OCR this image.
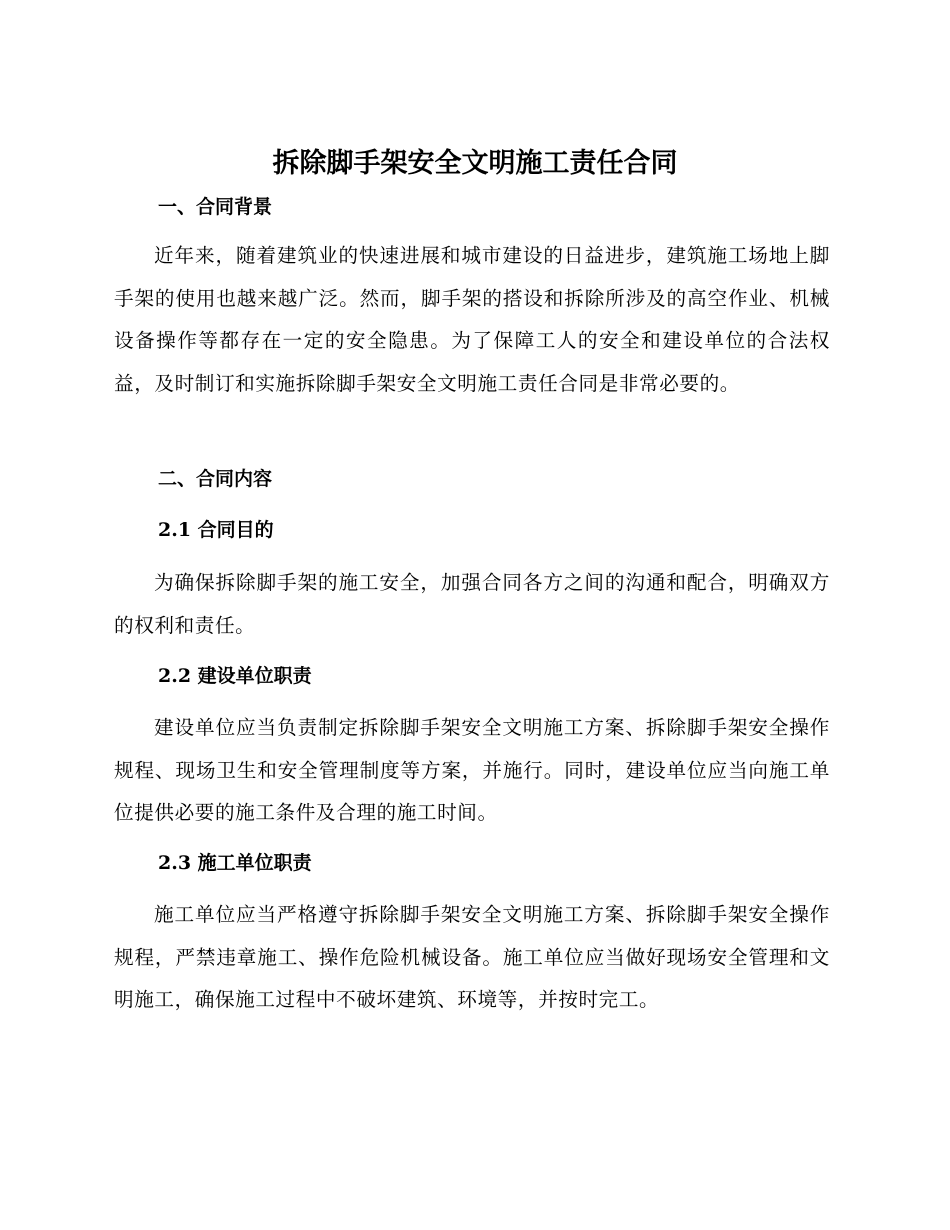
拆除脚手架安全文明施工责任合同
一、合同背景

近年来，随着建筑业的快速进展和城市建设的日益进步，建筑施工场地上脚手架的使用也越来越广泛。然而，脚手架的搭设和拆除所涉及的高空作业、机械设备操作等都存在一定的安全隐患。为了保障工人的安全和建设单位的合法权益，及时制订和实施拆除脚手架安全文明施工责任合同是非常必要的。

二、合同内容
2.1 合同目的

为确保拆除脚手架的施工安全，加强合同各方之间的沟通和配合，明确双方的权利和责任。

2.2 建设单位职责

建设单位应当负责制定拆除脚手架安全文明施工方案、拆除脚手架安全操作规程、现场卫生和安全管理制度等方案，并施行。同时，建设单位应当向施工单位提供必要的施工条件及合理的施工时间。

2.3 施工单位职责

施工单位应当严格遵守拆除脚手架安全文明施工方案、拆除脚手架安全操作规程，严禁违章施工、操作危险机械设备。施工单位应当做好现场安全管理和文明施工，确保施工过程中不破坏建筑、环境等，并按时完工。
